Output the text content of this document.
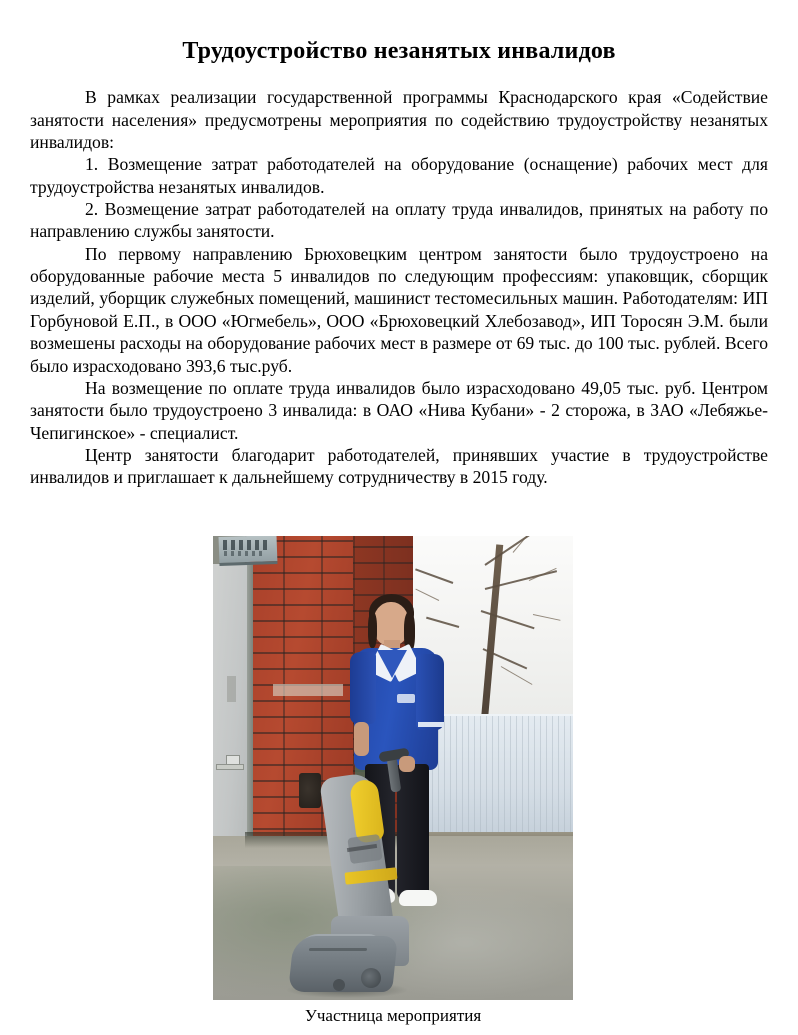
Трудоустройство незанятых инвалидов

В рамках реализации государственной программы Краснодарского края «Содействие занятости населения» предусмотрены мероприятия по содействию трудоустройству незанятых инвалидов:

1. Возмещение затрат работодателей на оборудование (оснащение) рабочих мест для трудоустройства незанятых инвалидов.

2. Возмещение затрат работодателей на оплату труда инвалидов, принятых на работу по направлению службы занятости.

По первому направлению Брюховецким центром занятости было трудоустроено на оборудованные рабочие места 5 инвалидов по следующим профессиям: упаковщик, сборщик изделий, уборщик служебных помещений, машинист тестомесильных машин. Работодателям: ИП Горбуновой Е.П., в ООО «Югмебель», ООО «Брюховецкий Хлебозавод», ИП Торосян Э.М. были возмешены расходы на оборудование рабочих мест в размере от 69 тыс. до 100 тыс. рублей. Всего было израсходовано 393,6 тыс.руб.

На возмещение по оплате труда инвалидов было израсходовано 49,05 тыс. руб. Центром занятости было трудоустроено 3 инвалида: в ОАО «Нива Кубани» - 2 сторожа, в ЗАО «Лебяжье-Чепигинское» - специалист.

Центр занятости благодарит работодателей, принявших участие в трудоустройстве инвалидов и приглашает к дальнейшему сотрудничеству в 2015 году.

Участница мероприятия
